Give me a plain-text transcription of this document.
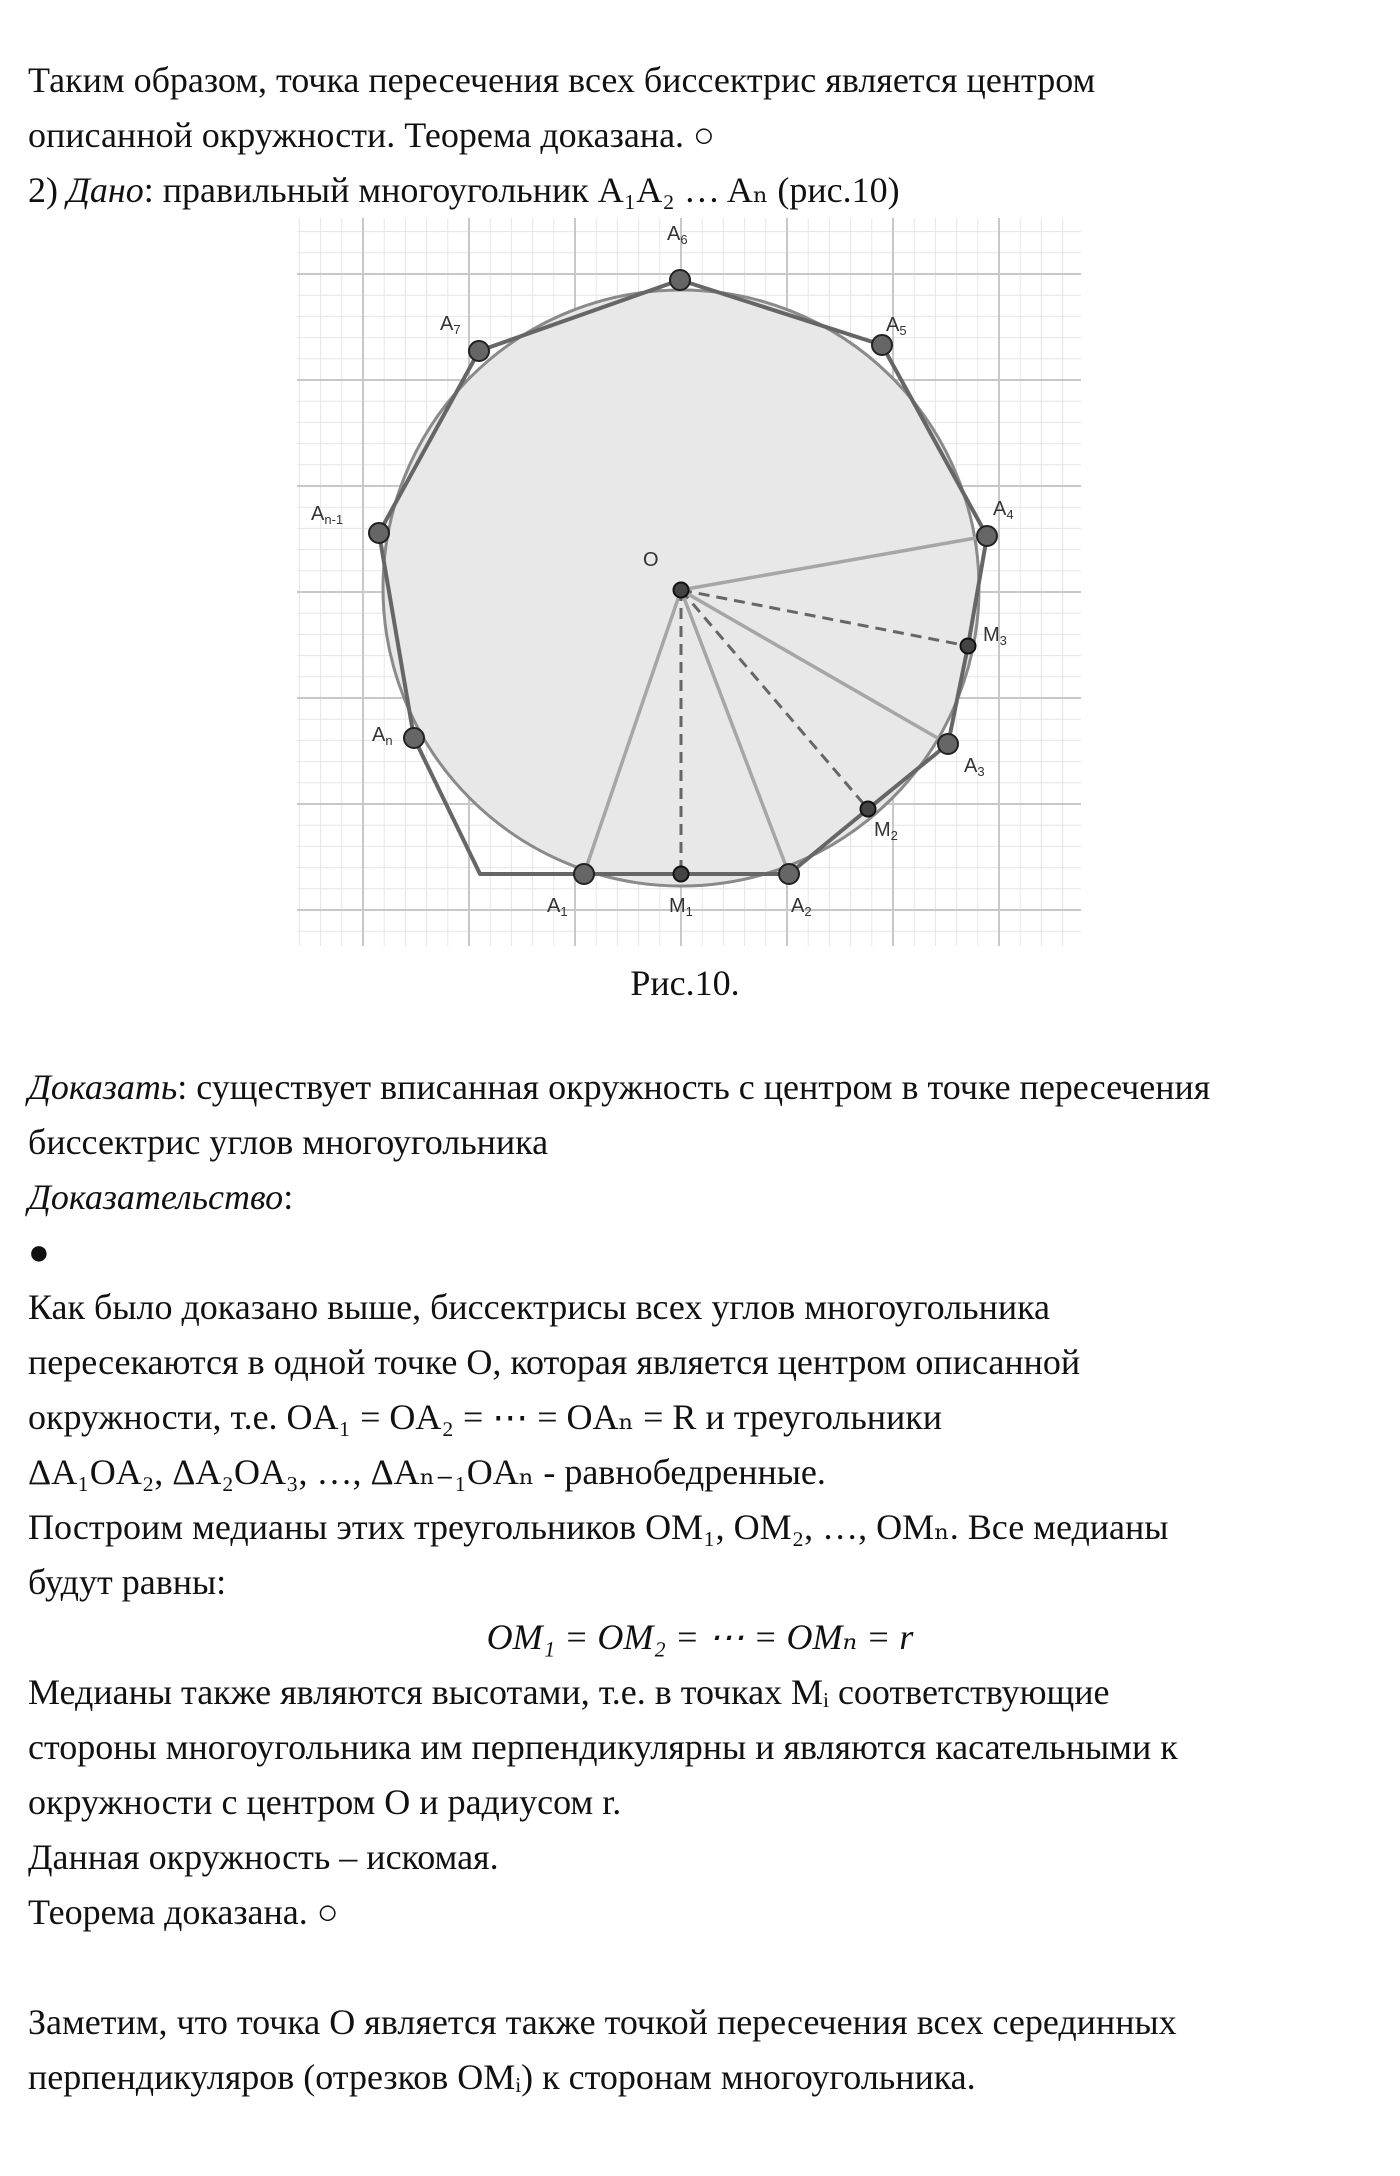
Таким образом, точка пересечения всех биссектрис является центром
описанной окружности. Теорема доказана. ○
2) Дано: правильный многоугольник A₁A₂ … Aₙ (рис.10)
$A_6$
$A_5$
$A_7$
$A_{n-1}$	$A_4$
O
$M_3$
$A_n$
$A_3$
$M_2$
$A_1$	$M_1$	$A_2$
Рис.10.
Доказать: существует вписанная окружность с центром в точке пересечения
биссектрис углов многоугольника
Доказательство:
●
Как было доказано выше, биссектрисы всех углов многоугольника
пересекаются в одной точке O, которая является центром описанной
окружности, т.е. OA₁ = OA₂ = ⋯ = OAₙ = R и треугольники
ΔA₁OA₂, ΔA₂OA₃, …, ΔAₙ₋₁OAₙ - равнобедренные.
Построим медианы этих треугольников OM₁, OM₂, …, OMₙ. Все медианы
будут равны:
OM₁ = OM₂ = ⋯ = OMₙ = r
Медианы также являются высотами, т.е. в точках Mᵢ соответствующие
стороны многоугольника им перпендикулярны и являются касательными к
окружности с центром O и радиусом r.
Данная окружность – искомая.
Теорема доказана. ○
Заметим, что точка O является также точкой пересечения всех серединных
перпендикуляров (отрезков OMᵢ) к сторонам многоугольника.
